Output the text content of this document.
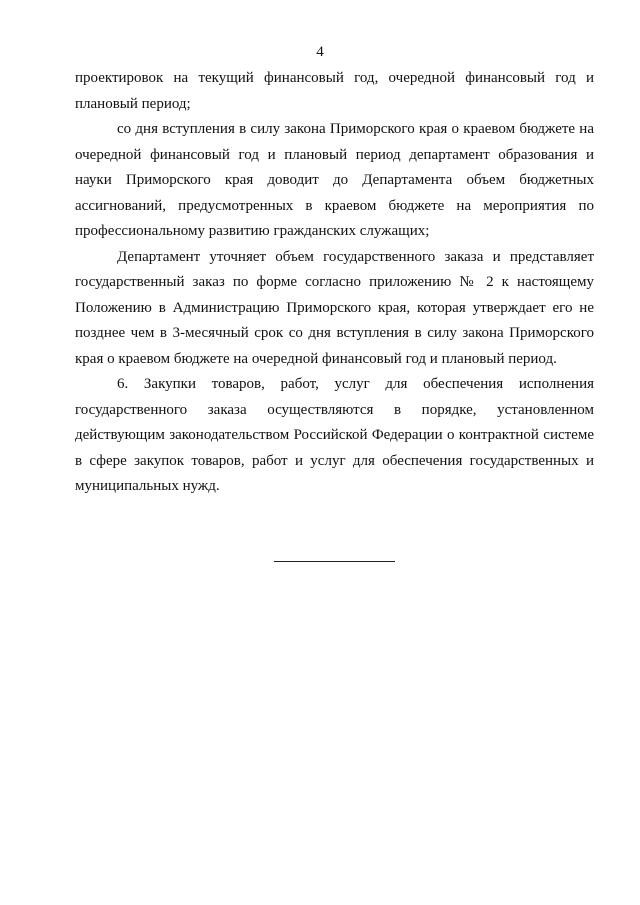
4

проектировок на текущий финансовый год, очередной финансовый год и плановый период;

со дня вступления в силу закона Приморского края о краевом бюджете на очередной финансовый год и плановый период департамент образования и науки Приморского края доводит до Департамента объем бюджетных ассигнований, предусмотренных в краевом бюджете на мероприятия по профессиональному развитию гражданских служащих;

Департамент уточняет объем государственного заказа и представляет государственный заказ по форме согласно приложению № 2 к настоящему Положению в Администрацию Приморского края, которая утверждает его не позднее чем в 3-месячный срок со дня вступления в силу закона Приморского края о краевом бюджете на очередной финансовый год и плановый период.

6. Закупки товаров, работ, услуг для обеспечения исполнения государственного заказа осуществляются в порядке, установленном действующим законодательством Российской Федерации о контрактной системе в сфере закупок товаров, работ и услуг для обеспечения государственных и муниципальных нужд.
